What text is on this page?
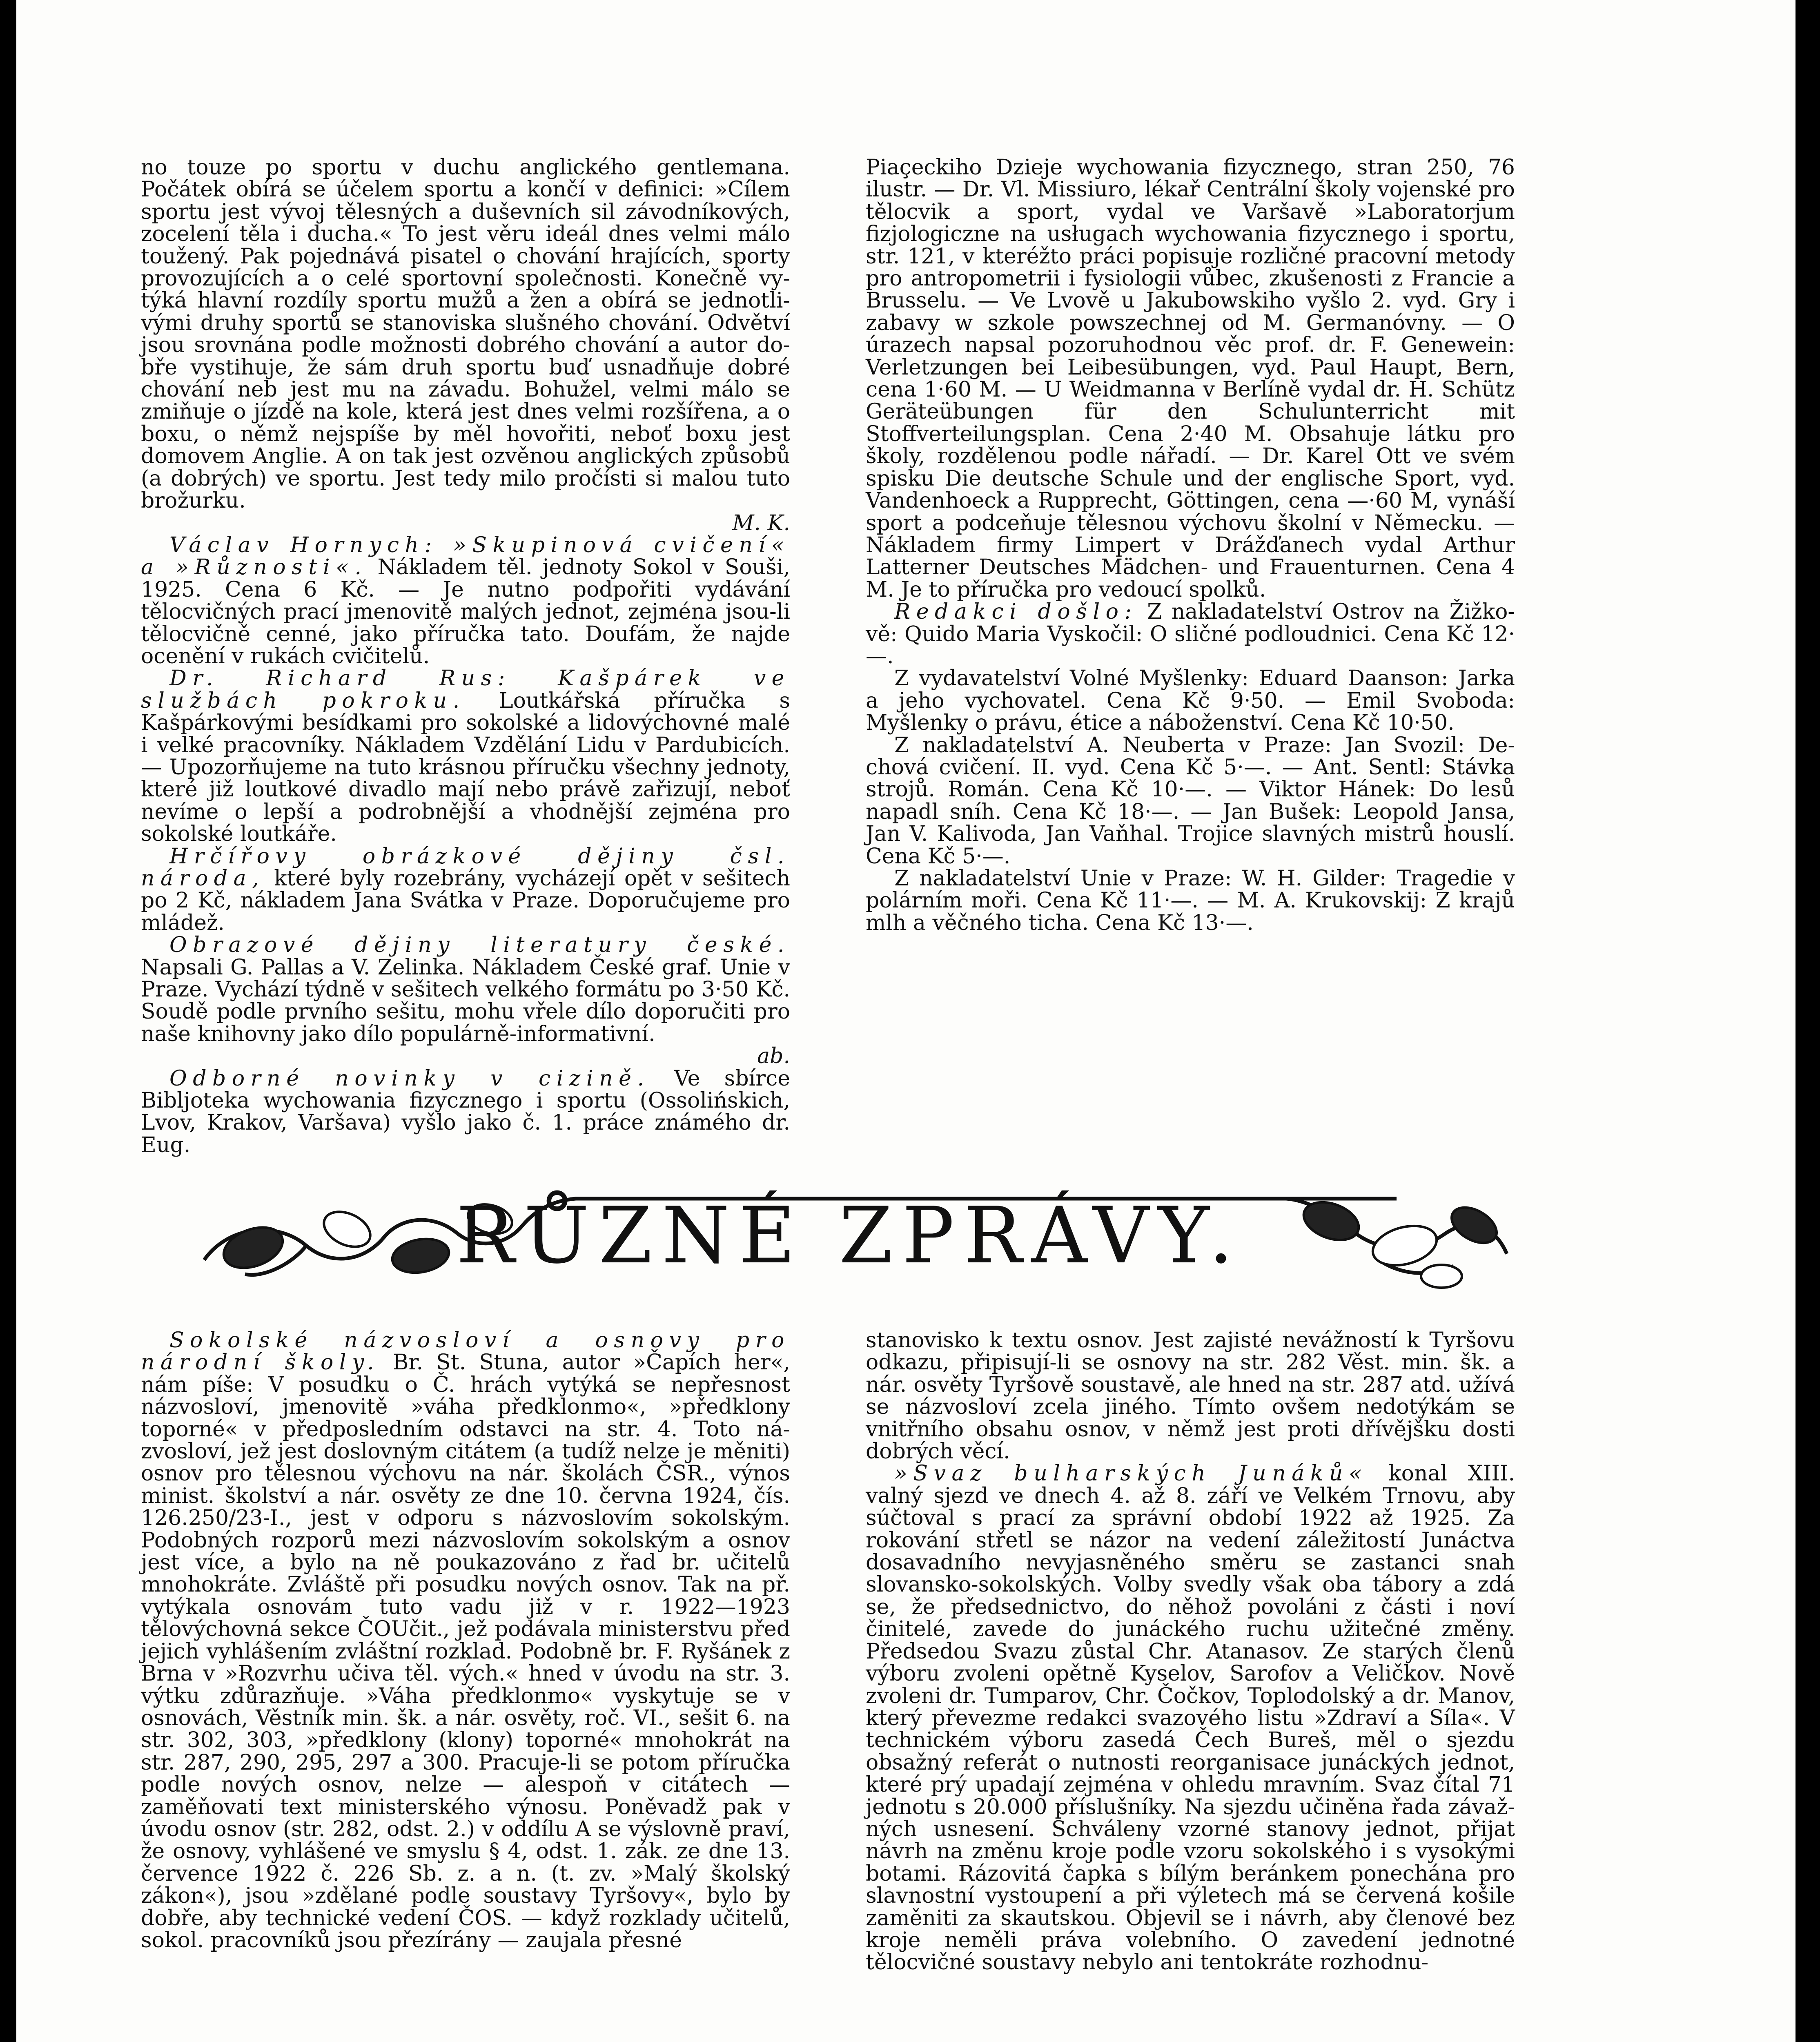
no touze po sportu v duchu anglického gentlemana. Počátek obírá se účelem sportu a končí v definici: »Cílem sportu jest vývoj tělesných a duševních sil závodníkových, zocelení těla i ducha.« To jest věru ideál dnes velmi málo toužený. Pak pojednává pisatel o chování hrajících, sporty provozujících a o celé sportovní společnosti. Konečně vytýká hlavní rozdíly sportu mužů a žen a obírá se jednotlivými druhy sportů se stanoviska slušného chování. Odvětví jsou srovnána podle možnosti dobrého chování a autor dobře vystihuje, že sám druh sportu buď usnadňuje dobré chování neb jest mu na závadu. Bohužel, velmi málo se zmiňuje o jízdě na kole, která jest dnes velmi rozšířena, a o boxu, o němž nejspíše by měl hovořiti, neboť boxu jest domovem Anglie. A on tak jest ozvěnou anglických způsobů (a dobrých) ve sportu. Jest tedy milo pročísti si malou tuto brožurku.

M. K.

Václav Hornych: »Skupinová cvičení« a »Různosti«. Nákladem těl. jednoty Sokol v Souši, 1925. Cena 6 Kč. — Je nutno podpořiti vydávání tělocvičných prací jmenovitě malých jednot, zejména jsou-li tělocvičně cenné, jako příručka tato. Doufám, že najde ocenění v rukách cvičitelů.

Dr. Richard Rus: Kašpárek ve službách pokroku. Loutkářská příručka s Kašpárkovými besídkami pro sokolské a lidovýchovné malé i velké pracovníky. Nákladem Vzdělání Lidu v Pardubicích. — Upozorňujeme na tuto krásnou příručku všechny jednoty, které již loutkové divadlo mají nebo právě zařizují, neboť nevíme o lepší a podrobnější a vhodnější zejména pro sokolské loutkáře.

Hrčířovy obrázkové dějiny čsl. národa, které byly rozebrány, vycházejí opět v sešitech po 2 Kč, nákladem Jana Svátka v Praze. Doporučujeme pro mládež.

Obrazové dějiny literatury české. Napsali G. Pallas a V. Zelinka. Nákladem České graf. Unie v Praze. Vychází týdně v sešitech velkého formátu po 3·50 Kč. Soudě podle prvního sešitu, mohu vřele dílo doporučiti pro naše knihovny jako dílo populárně-informativní.

ab.

Odborné novinky v cizině. Ve sbírce Bibljoteka wychowania fizycznego i sportu (Ossolińskich, Lvov, Krakov, Varšava) vyšlo jako č. 1. práce známého dr. Eug.

Piaçeckiho Dzieje wychowania fizycznego, stran 250, 76 ilustr. — Dr. Vl. Missiuro, lékař Centrální školy vojenské pro tělocvik a sport, vydal ve Varšavě »Laboratorjum fizjologiczne na usługach wychowania fizycznego i sportu, str. 121, v kteréžto práci popisuje rozličné pracovní metody pro antropometrii i fysiologii vůbec, zkušenosti z Francie a Brusselu. — Ve Lvově u Jakubowskiho vyšlo 2. vyd. Gry i zabavy w szkole powszechnej od M. Germanóvny. — O úrazech napsal pozoruhodnou věc prof. dr. F. Genewein: Verletzungen bei Leibesübungen, vyd. Paul Haupt, Bern, cena 1·60 M. — U Weidmanna v Berlíně vydal dr. H. Schütz Geräteübungen für den Schulunterricht mit Stoffverteilungsplan. Cena 2·40 M. Obsahuje látku pro školy, rozdělenou podle nářadí. — Dr. Karel Ott ve svém spisku Die deutsche Schule und der englische Sport, vyd. Vandenhoeck a Rupprecht, Göttingen, cena —·60 M, vynáší sport a podceňuje tělesnou výchovu školní v Německu. — Nákladem firmy Limpert v Drážďanech vydal Arthur Latterner Deutsches Mädchen- und Frauenturnen. Cena 4 M. Je to příručka pro vedoucí spolků.

Redakci došlo: Z nakladatelství Ostrov na Žižkově: Quido Maria Vyskočil: O sličné podloudnici. Cena Kč 12·—.

Z vydavatelství Volné Myšlenky: Eduard Daanson: Jarka a jeho vychovatel. Cena Kč 9·50. — Emil Svoboda: Myšlenky o právu, étice a náboženství. Cena Kč 10·50.

Z nakladatelství A. Neuberta v Praze: Jan Svozil: Dechová cvičení. II. vyd. Cena Kč 5·—. — Ant. Sentl: Stávka strojů. Román. Cena Kč 10·—. — Viktor Hánek: Do lesů napadl sníh. Cena Kč 18·—. — Jan Bušek: Leopold Jansa, Jan V. Kalivoda, Jan Vaňhal. Trojice slavných mistrů houslí. Cena Kč 5·—.

Z nakladatelství Unie v Praze: W. H. Gilder: Tragedie v polárním moři. Cena Kč 11·—. — M. A. Krukovskij: Z krajů mlh a věčného ticha. Cena Kč 13·—.

RŮZNÉ ZPRÁVY.

Sokolské názvosloví a osnovy pro národní školy. Br. St. Stuna, autor »Čapích her«, nám píše: V posudku o Č. hrách vytýká se nepřesnost názvosloví, jmenovitě »váha předklonmo«, »předklony toporné« v předposledním odstavci na str. 4. Toto názvosloví, jež jest doslovným citátem (a tudíž nelze je měniti) osnov pro tělesnou výchovu na nár. školách ČSR., výnos minist. školství a nár. osvěty ze dne 10. června 1924, čís. 126.250/23-I., jest v odporu s názvoslovím sokolským. Podobných rozporů mezi názvoslovím sokolským a osnov jest více, a bylo na ně poukazováno z řad br. učitelů mnohokráte. Zvláště při posudku nových osnov. Tak na př. vytýkala osnovám tuto vadu již v r. 1922—1923 tělovýchovná sekce ČOUčit., jež podávala ministerstvu před jejich vyhlášením zvláštní rozklad. Podobně br. F. Ryšánek z Brna v »Rozvrhu učiva těl. vých.« hned v úvodu na str. 3. výtku zdůrazňuje. »Váha předklonmo« vyskytuje se v osnovách, Věstník min. šk. a nár. osvěty, roč. VI., sešit 6. na str. 302, 303, »předklony (klony) toporné« mnohokrát na str. 287, 290, 295, 297 a 300. Pracuje-li se potom příručka podle nových osnov, nelze — alespoň v citátech — zaměňovati text ministerského výnosu. Poněvadž pak v úvodu osnov (str. 282, odst. 2.) v oddílu A se výslovně praví, že osnovy, vyhlášené ve smyslu § 4, odst. 1. zák. ze dne 13. července 1922 č. 226 Sb. z. a n. (t. zv. »Malý školský zákon«), jsou »zdělané podle soustavy Tyršovy«, bylo by dobře, aby technické vedení ČOS. — když rozklady učitelů, sokol. pracovníků jsou přezírány — zaujala přesné

stanovisko k textu osnov. Jest zajisté nevážností k Tyršovu odkazu, připisují-li se osnovy na str. 282 Věst. min. šk. a nár. osvěty Tyršově soustavě, ale hned na str. 287 atd. užívá se názvosloví zcela jiného. Tímto ovšem nedotýkám se vnitřního obsahu osnov, v němž jest proti dřívějšku dosti dobrých věcí.

»Svaz bulharských Junáků« konal XIII. valný sjezd ve dnech 4. až 8. září ve Velkém Trnovu, aby súčtoval s prací za správní období 1922 až 1925. Za rokování střetl se názor na vedení záležitostí Junáctva dosavadního nevyjasněného směru se zastanci snah slovansko-sokolských. Volby svedly však oba tábory a zdá se, že předsednictvo, do něhož povoláni z části i noví činitelé, zavede do junáckého ruchu užitečné změny. Předsedou Svazu zůstal Chr. Atanasov. Ze starých členů výboru zvoleni opětně Kyselov, Sarofov a Veličkov. Nově zvoleni dr. Tumparov, Chr. Čočkov, Toplodolský a dr. Manov, který převezme redakci svazového listu »Zdraví a Síla«. V technickém výboru zasedá Čech Bureš, měl o sjezdu obsažný referát o nutnosti reorganisace junáckých jednot, které prý upadají zejména v ohledu mravním. Svaz čítal 71 jednotu s 20.000 příslušníky. Na sjezdu učiněna řada závažných usnesení. Schváleny vzorné stanovy jednot, přijat návrh na změnu kroje podle vzoru sokolského i s vysokými botami. Rázovitá čapka s bílým beránkem ponechána pro slavnostní vystoupení a při výletech má se červená košile zaměniti za skautskou. Objevil se i návrh, aby členové bez kroje neměli práva volebního. O zavedení jednotné tělocvičné soustavy nebylo ani tentokráte rozhodnu-
